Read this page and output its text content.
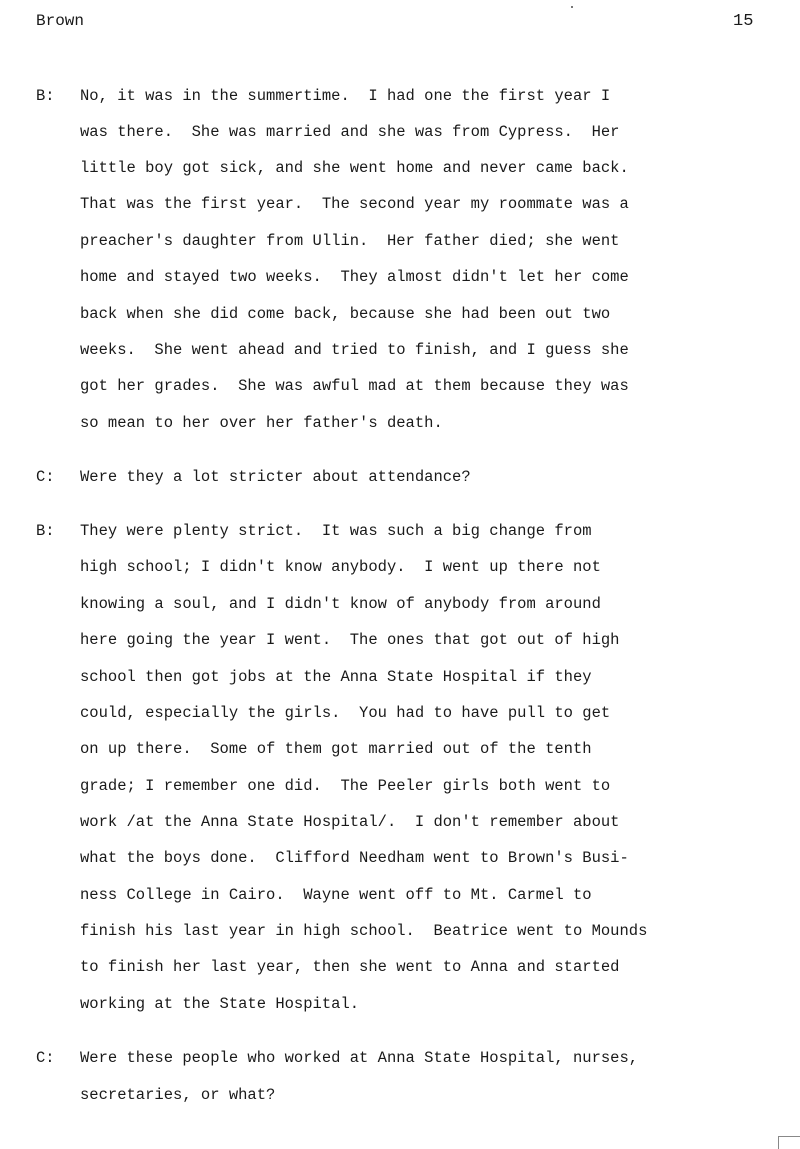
Brown	15
B:	No, it was in the summertime.  I had one the first year I
was there.  She was married and she was from Cypress.  Her
little boy got sick, and she went home and never came back.
That was the first year.  The second year my roommate was a
preacher's daughter from Ullin.  Her father died; she went
home and stayed two weeks.  They almost didn't let her come
back when she did come back, because she had been out two
weeks.  She went ahead and tried to finish, and I guess she
got her grades.  She was awful mad at them because they was
so mean to her over her father's death.
C:	Were they a lot stricter about attendance?
B:	They were plenty strict.  It was such a big change from
high school; I didn't know anybody.  I went up there not
knowing a soul, and I didn't know of anybody from around
here going the year I went.  The ones that got out of high
school then got jobs at the Anna State Hospital if they
could, especially the girls.  You had to have pull to get
on up there.  Some of them got married out of the tenth
grade; I remember one did.  The Peeler girls both went to
work /at the Anna State Hospital/.  I don't remember about
what the boys done.  Clifford Needham went to Brown's Busi-
ness College in Cairo.  Wayne went off to Mt. Carmel to
finish his last year in high school.  Beatrice went to Mounds
to finish her last year, then she went to Anna and started
working at the State Hospital.
C:	Were these people who worked at Anna State Hospital, nurses,
secretaries, or what?
